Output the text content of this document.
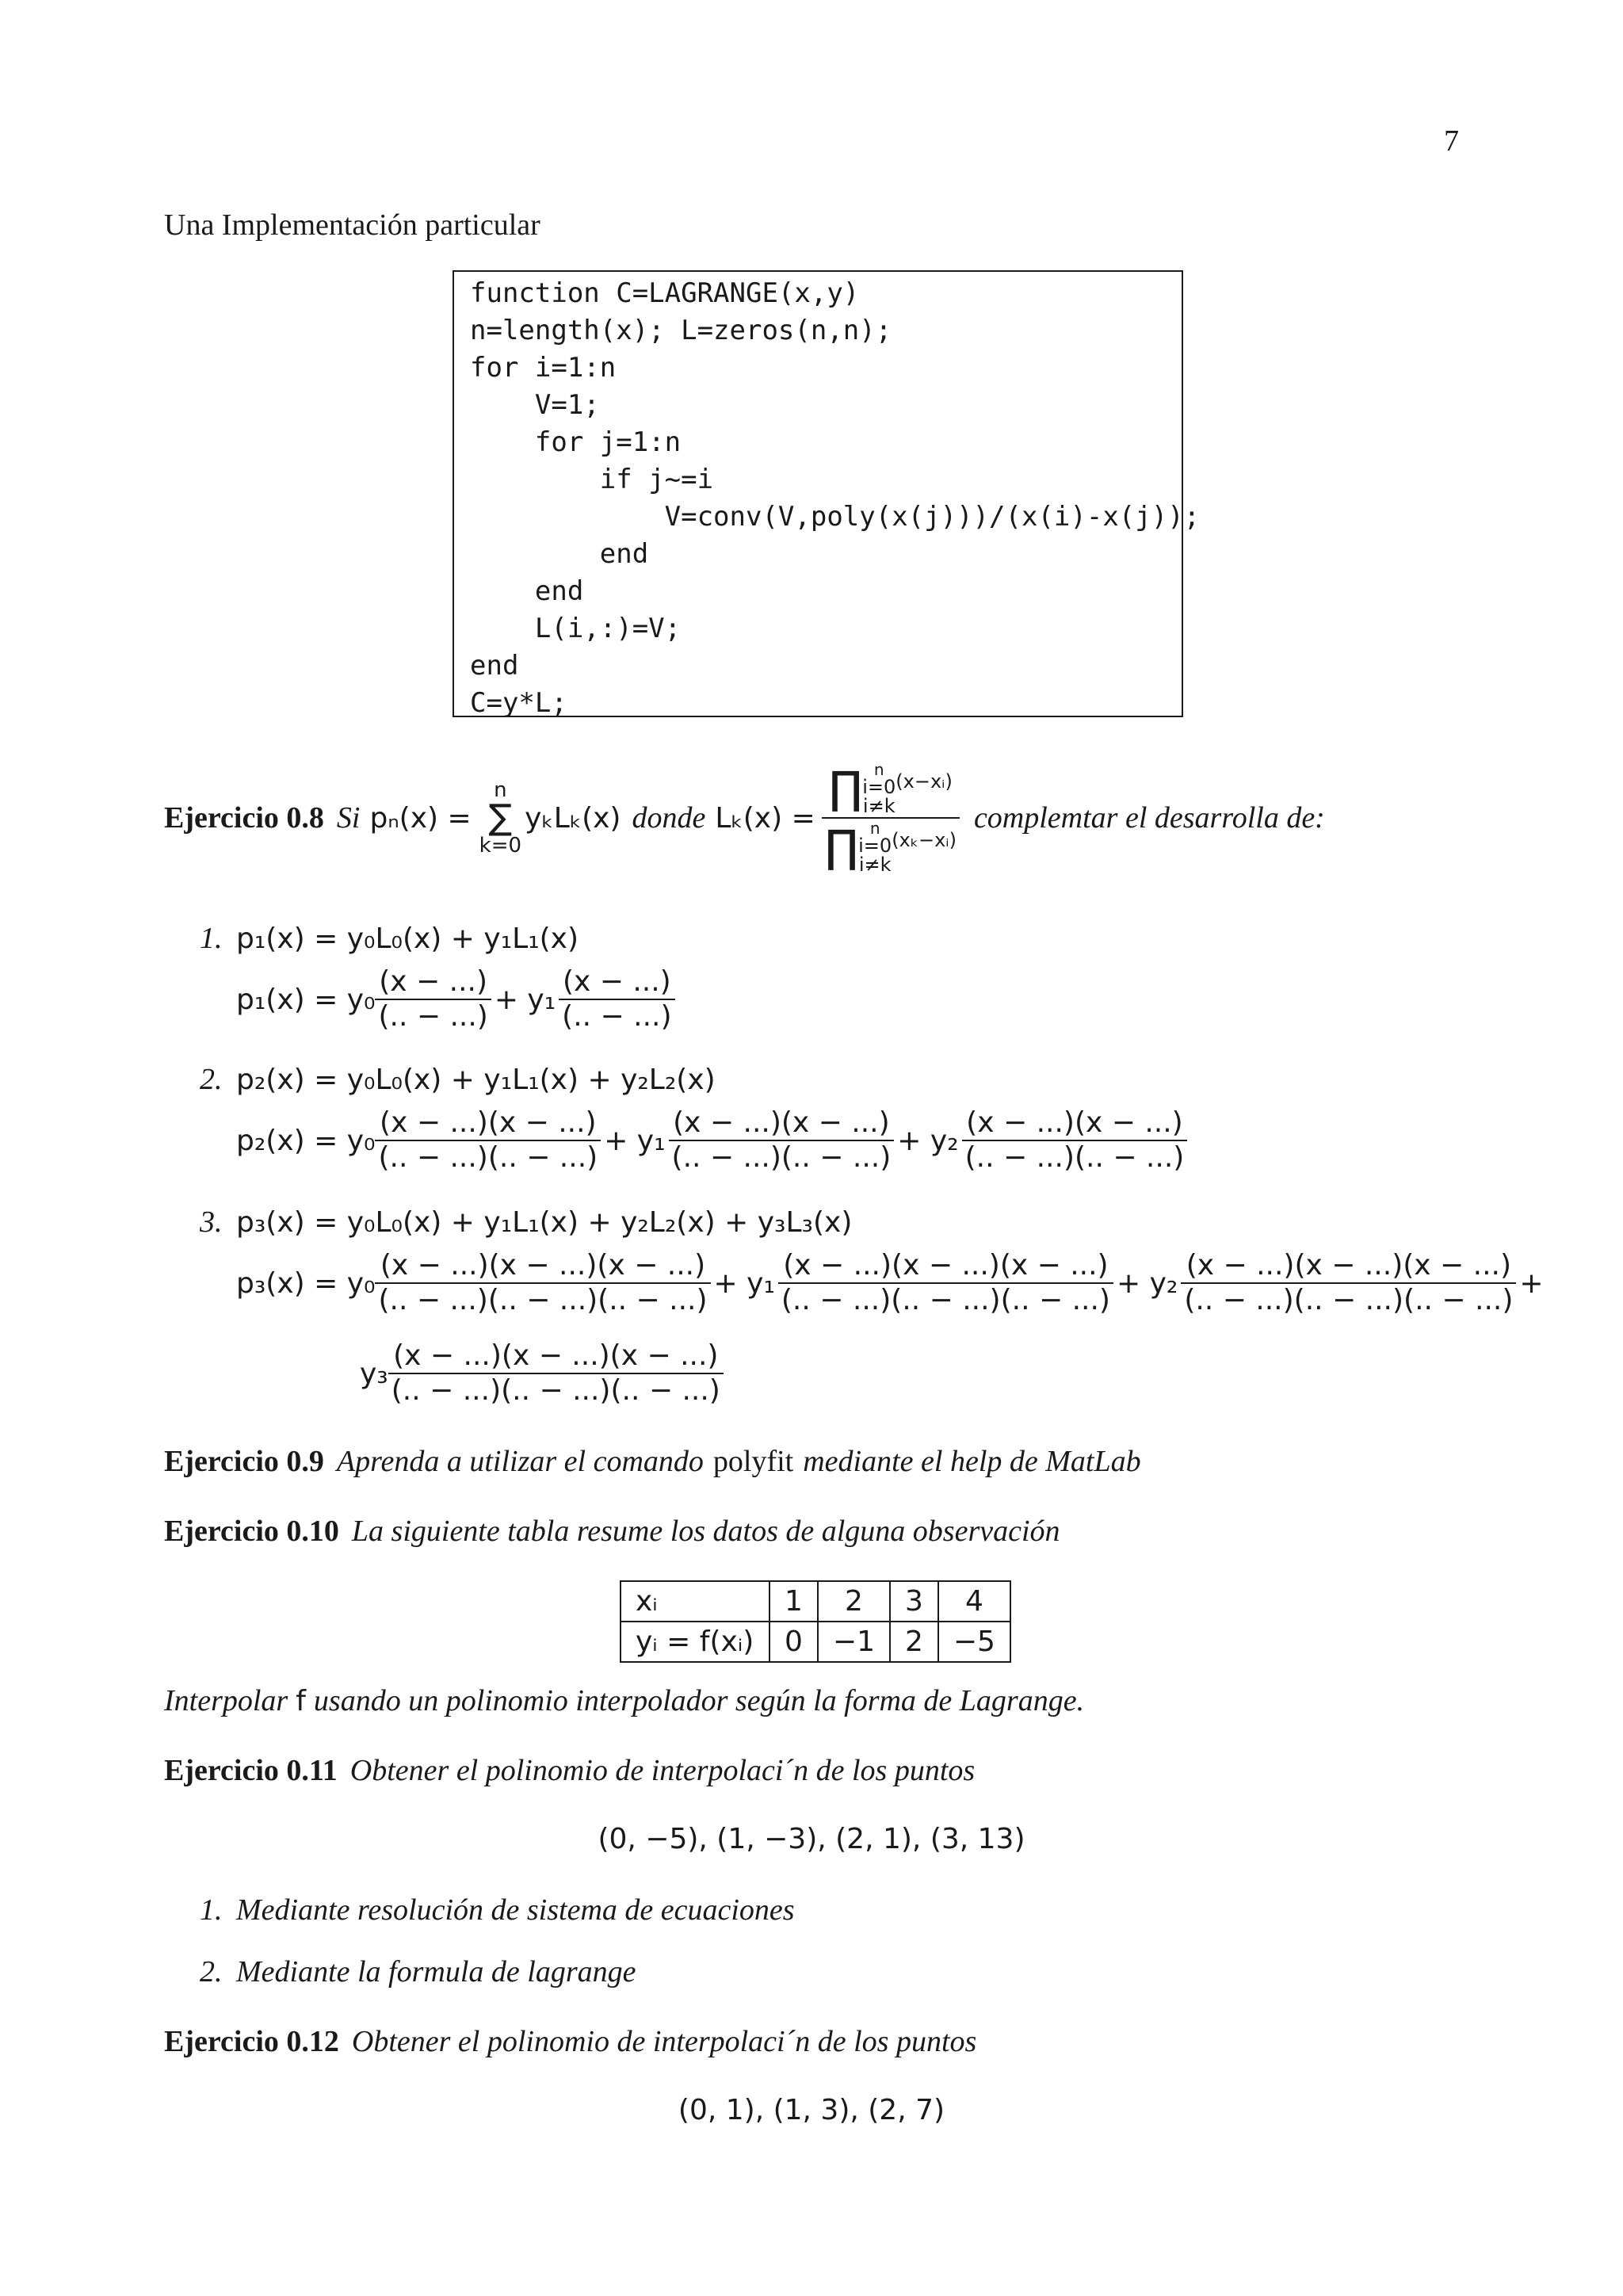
7
Una Implementación particular
function C=LAGRANGE(x,y)
n=length(x); L=zeros(n,n);
for i=1:n
V=1;
for j=1:n
if j~=i
V=conv(V,poly(x(j)))/(x(i)-x(j));
end
end
L(i,:)=V;
end
C=y*L;
Ejercicio 0.8 Si pₙ(x) =
n
∑
k=0
yₖLₖ(x) donde Lₖ(x) =
∏ n
i=0
i≠k
(x−xᵢ)
∏ n
i=0
i≠k
(xₖ−xᵢ)
complemtar el desarrolla de:
1. p₁(x) = y₀L₀(x) + y₁L₁(x)
$p_1(x) = y_0 \frac{(x - ...)}{(.. - ...)} + y_1 \frac{(x - ...)}{(.. - ...)}$
2. p₂(x) = y₀L₀(x) + y₁L₁(x) + y₂L₂(x)
$p_2(x) = y_0 \frac{(x - ...)(x - ...)}{(.. - ...)(.. - ...)} + y_1 \frac{(x - ...)(x - ...)}{(.. - ...)(.. - ...)} + y_2 \frac{(x - ...)(x - ...)}{(.. - ...)(.. - ...)}$
3. p₃(x) = y₀L₀(x) + y₁L₁(x) + y₂L₂(x) + y₃L₃(x)
$p_3(x) = y_0 \frac{(x - ...)(x - ...)(x - ...)}{(.. - ...)(.. - ...)(.. - ...)} + y_1 \frac{(x - ...)(x - ...)(x - ...)}{(.. - ...)(.. - ...)(.. - ...)} + y_2 \frac{(x - ...)(x - ...)(x - ...)}{(.. - ...)(.. - ...)(.. - ...)}$ +
$y_3 \frac{(x - ...)(x - ...)(x - ...)}{(.. - ...)(.. - ...)(.. - ...)}$
Ejercicio 0.9 Aprenda a utilizar el comando polyfit mediante el help de MatLab
Ejercicio 0.10 La siguiente tabla resume los datos de alguna observación
xᵢ	1	2	3	4
yᵢ = f(xᵢ)	0	−1	2	−5
Interpolar f usando un polinomio interpolador según la forma de Lagrange.
Ejercicio 0.11 Obtener el polinomio de interpolaci´n de los puntos
(0, −5), (1, −3), (2, 1), (3, 13)
1. Mediante resolución de sistema de ecuaciones
2. Mediante la formula de lagrange
Ejercicio 0.12 Obtener el polinomio de interpolaci´n de los puntos
(0, 1), (1, 3), (2, 7)
